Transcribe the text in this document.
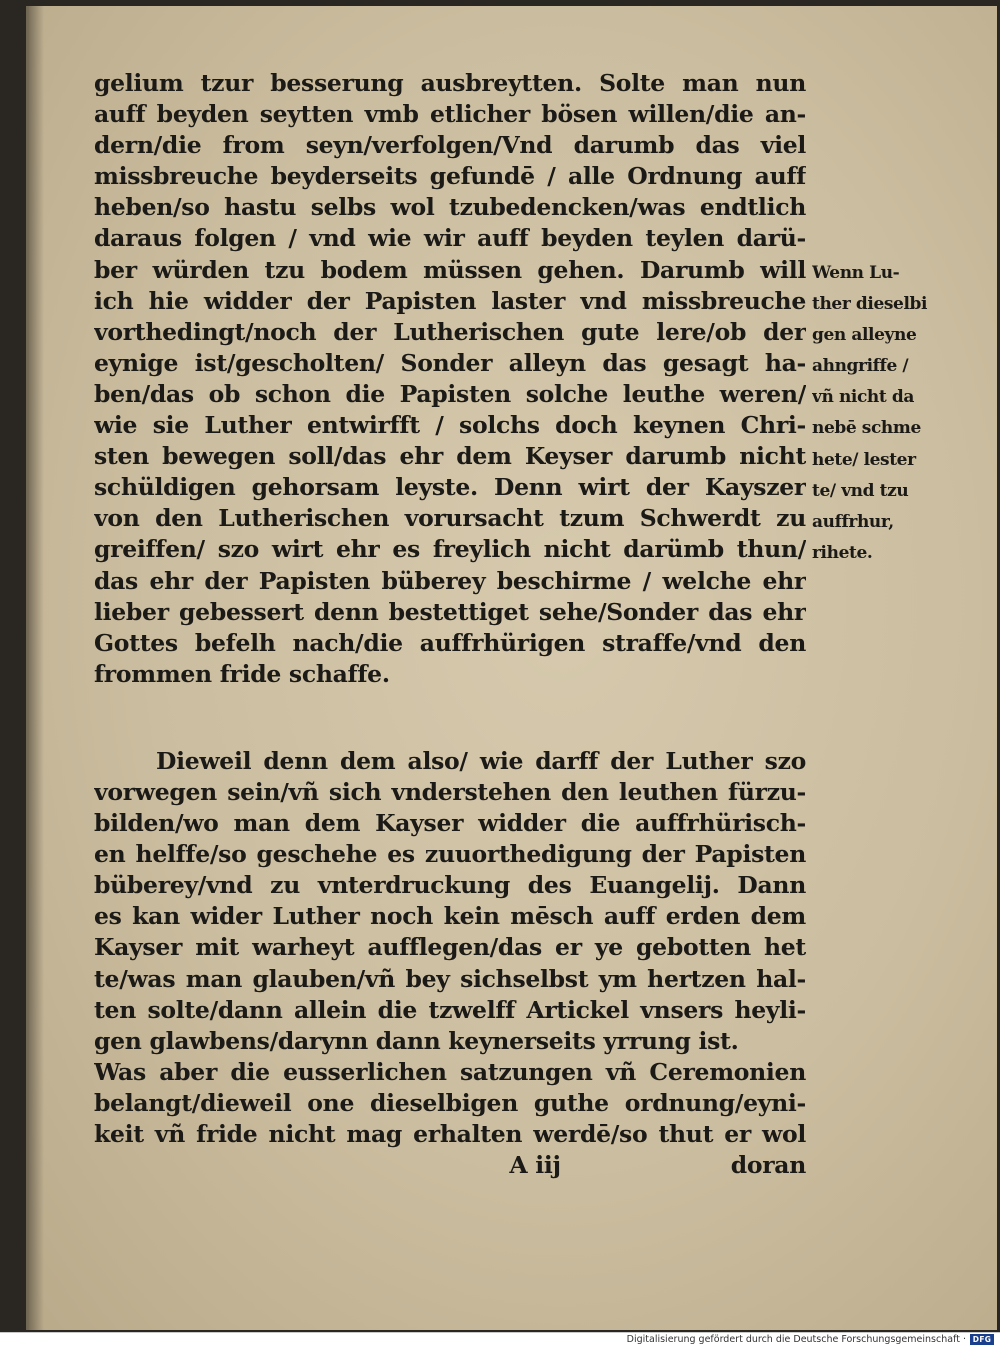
gelium tzur besserung ausbreytten. Solte man nun
auff beyden seytten vmb etlicher bösen willen/die an-
dern/die from seyn/verfolgen/Vnd darumb das viel
missbreuche beyderseits gefundē / alle Ordnung auff
heben/so hastu selbs wol tzubedencken/was endtlich
daraus folgen / vnd wie wir auff beyden teylen darü-
ber würden tzu bodem müssen gehen. Darumb will
ich hie widder der Papisten laster vnd missbreuche
vorthedingt/noch der Lutherischen gute lere/ob der
eynige ist/gescholten/ Sonder alleyn das gesagt ha-
ben/das ob schon die Papisten solche leuthe weren/
wie sie Luther entwirfft / solchs doch keynen Chri-
sten bewegen soll/das ehr dem Keyser darumb nicht
schüldigen gehorsam leyste. Denn wirt der Kayszer
von den Lutherischen vorursacht tzum Schwerdt zu
greiffen/ szo wirt ehr es freylich nicht darümb thun/
das ehr der Papisten büberey beschirme / welche ehr
lieber gebessert denn bestettiget sehe/Sonder das ehr
Gottes befelh nach/die auffrhürigen straffe/vnd den
frommen fride schaffe.
Dieweil denn dem also/ wie darff der Luther szo
vorwegen sein/vñ sich vnderstehen den leuthen fürzu-
bilden/wo man dem Kayser widder die auffrhürisch-
en helffe/so geschehe es zuuorthedigung der Papisten
büberey/vnd zu vnterdruckung des Euangelij. Dann
es kan wider Luther noch kein mēsch auff erden dem
Kayser mit warheyt aufflegen/das er ye gebotten het
te/was man glauben/vñ bey sichselbst ym hertzen hal-
ten solte/dann allein die tzwelff Artickel vnsers heyli-
gen glawbens/darynn dann keynerseits yrrung ist.
Was aber die eusserlichen satzungen vñ Ceremonien
belangt/dieweil one dieselbigen guthe ordnung/eyni-
keit vñ fride nicht mag erhalten werdē/so thut er wol
A iij	doran
Wenn Lu-
ther dieselbi
gen alleyne
ahngriffe /
vñ nicht da
nebē schme
hete/ lester
te/ vnd tzu
auffrhur,
rihete.
Digitalisierung gefördert durch die Deutsche Forschungsgemeinschaft · DFG
